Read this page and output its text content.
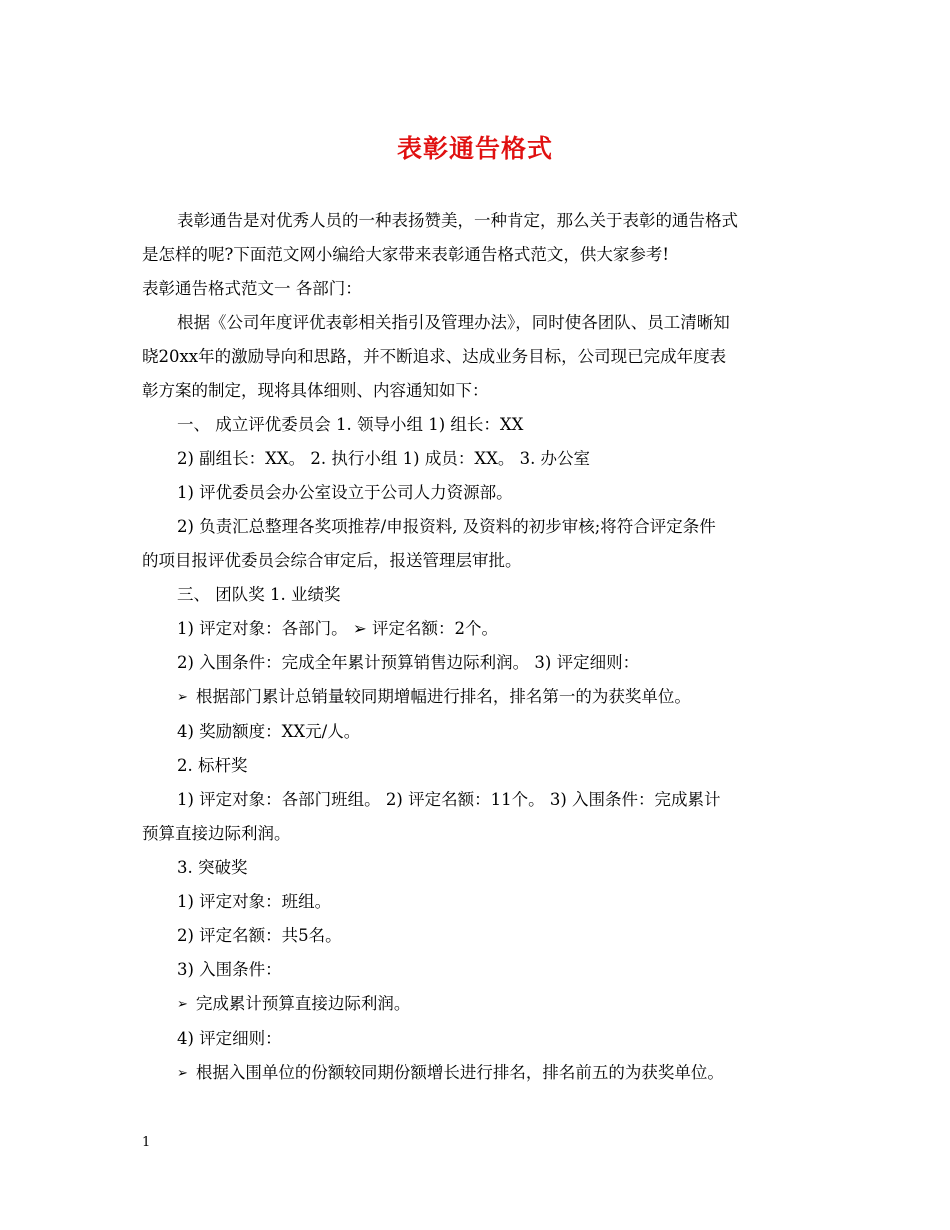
表彰通告格式
表彰通告是对优秀人员的一种表扬赞美，一种肯定，那么关于表彰的通告格式
是怎样的呢?下面范文网小编给大家带来表彰通告格式范文，供大家参考!
表彰通告格式范文一 各部门：
根据《公司年度评优表彰相关指引及管理办法》，同时使各团队、员工清晰知
晓20xx年的激励导向和思路，并不断追求、达成业务目标，公司现已完成年度表
彰方案的制定，现将具体细则、内容通知如下：
一、 成立评优委员会 1. 领导小组 1) 组长：XX
2) 副组长：XX。 2. 执行小组 1) 成员：XX。 3. 办公室
1) 评优委员会办公室设立于公司人力资源部。
2) 负责汇总整理各奖项推荐/申报资料, 及资料的初步审核;将符合评定条件
的项目报评优委员会综合审定后，报送管理层审批。
三、 团队奖 1. 业绩奖
1) 评定对象：各部门。 ➢ 评定名额：2个。
2) 入围条件：完成全年累计预算销售边际利润。 3) 评定细则：
➢ 根据部门累计总销量较同期增幅进行排名，排名第一的为获奖单位。
4) 奖励额度：XX元/人。
2. 标杆奖
1) 评定对象：各部门班组。 2) 评定名额：11个。 3) 入围条件：完成累计
预算直接边际利润。
3. 突破奖
1) 评定对象：班组。
2) 评定名额：共5名。
3) 入围条件：
➢ 完成累计预算直接边际利润。
4) 评定细则：
➢ 根据入围单位的份额较同期份额增长进行排名，排名前五的为获奖单位。
1
